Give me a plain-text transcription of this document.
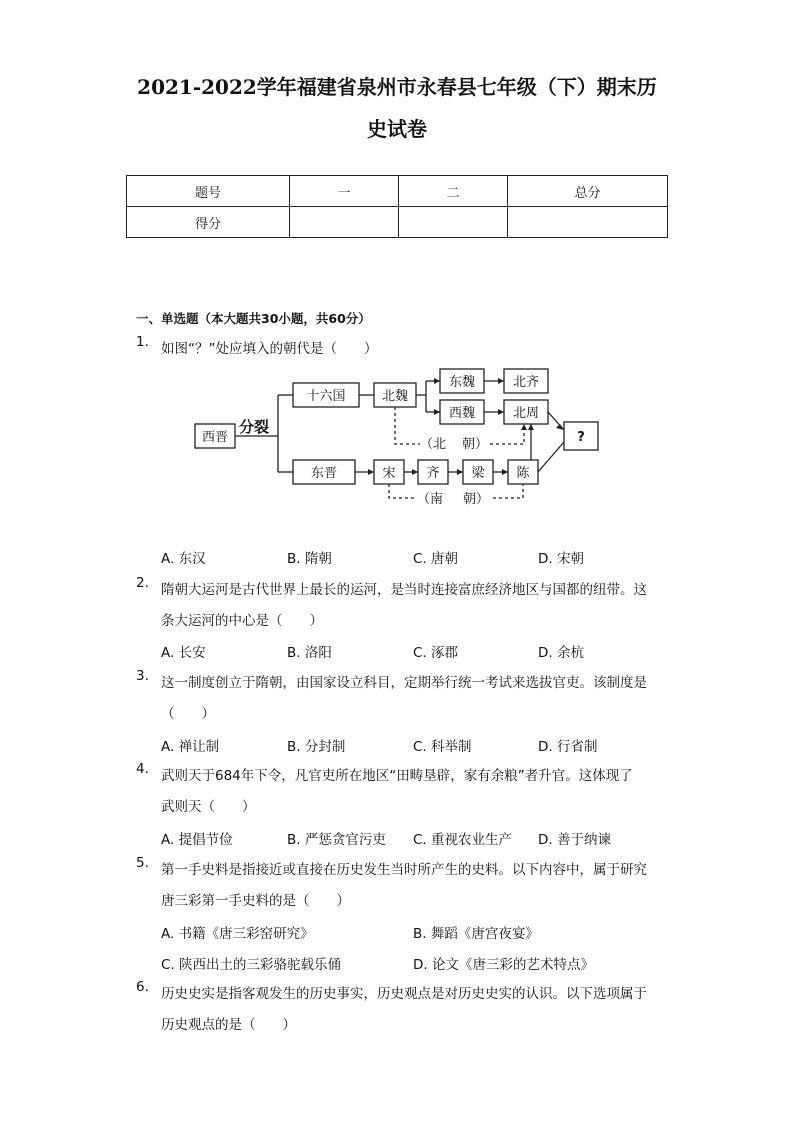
2021-2022学年福建省泉州市永春县七年级（下）期末历
史试卷
题号	一	二	总分
得分			
一、单选题（本大题共30小题，共60分）
1. 如图“？”处应填入的朝代是（　　）
西晋
分裂
十六国	北魏
东魏	北齐
西魏	北周
?
东晋	宋 齐 梁 陈
（北 朝）
（南 朝）
A. 东汉	B. 隋朝	C. 唐朝	D. 宋朝
2. 隋朝大运河是古代世界上最长的运河，是当时连接富庶经济地区与国都的纽带。这
条大运河的中心是（　　）
A. 长安	B. 洛阳	C. 涿郡	D. 余杭
3. 这一制度创立于隋朝，由国家设立科目，定期举行统一考试来选拔官吏。该制度是
（　　）
A. 禅让制	B. 分封制	C. 科举制	D. 行省制
4. 武则天于684年下令，凡官吏所在地区“田畴垦辟，家有余粮”者升官。这体现了
武则天（　　）
A. 提倡节俭	B. 严惩贪官污吏 C. 重视农业生产 D. 善于纳谏
5. 第一手史料是指接近或直接在历史发生当时所产生的史料。以下内容中，属于研究
唐三彩第一手史料的是（　　）
A. 书籍《唐三彩窑研究》	B. 舞蹈《唐宫夜宴》
C. 陕西出土的三彩骆驼载乐俑	D. 论文《唐三彩的艺术特点》
6. 历史史实是指客观发生的历史事实，历史观点是对历史史实的认识。以下选项属于
历史观点的是（　　）
